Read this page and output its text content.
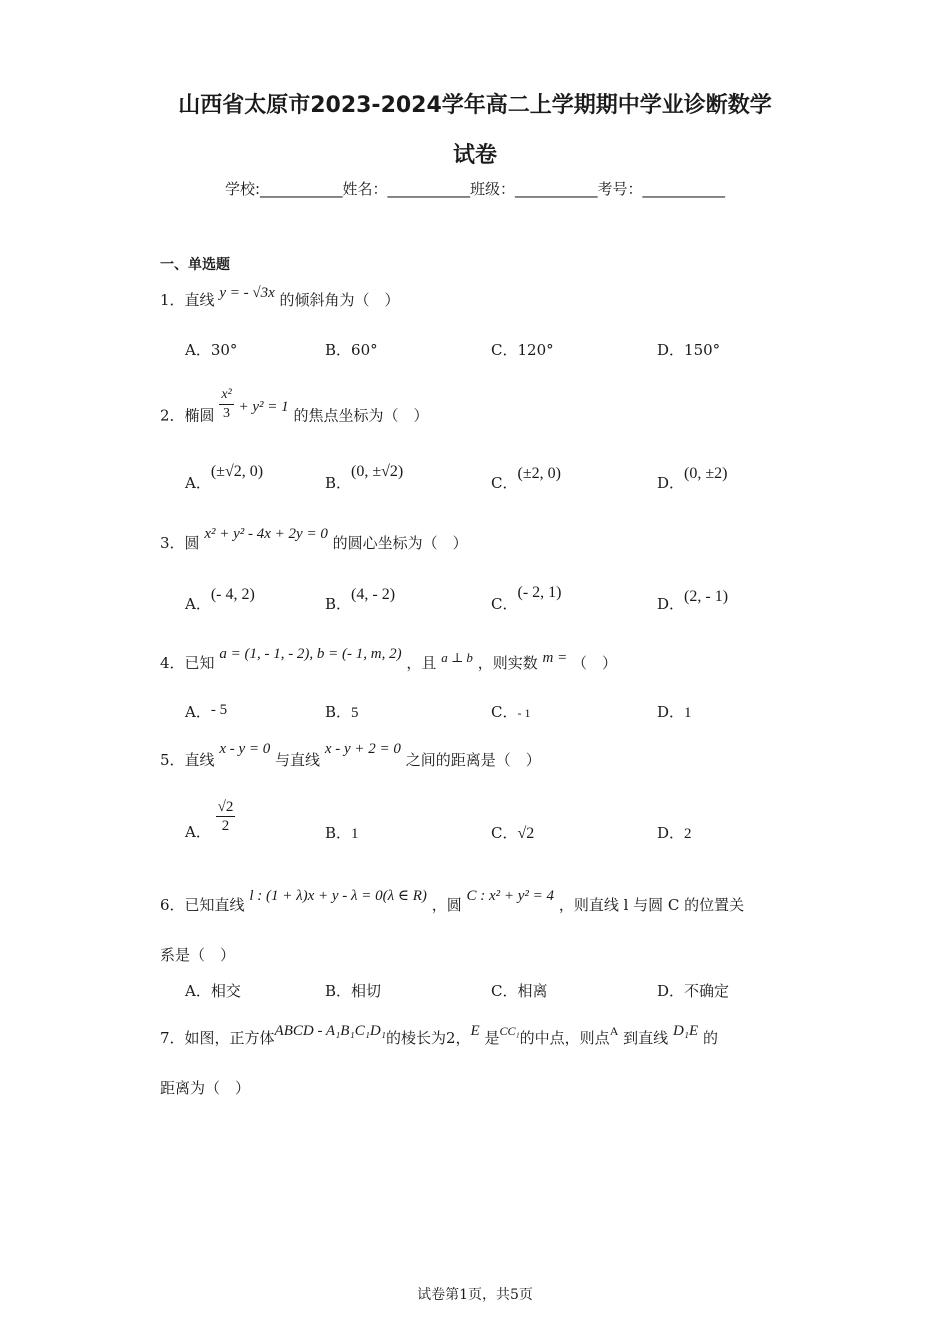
山西省太原市2023-2024学年高二上学期期中学业诊断数学
试卷
学校:___________姓名：___________班级：___________考号：___________
一、单选题
1．直线 y = - √3x 的倾斜角为（　）
A．30°	B．60°	C．120°	D．150°
2．椭圆 $\frac{\text{x²}}{3} + y^2 = 1$ 的焦点坐标为（　）
A．(±√2, 0)
B．(0, ±√2)
C．(±2, 0)
D．(0, ±2)
3．圆 x² + y² - 4x + 2y = 0 的圆心坐标为（　）
A．(- 4, 2)
B．(4, - 2)
C．(- 2, 1)
D．(2, - 1)
4．已知 a = (1, - 1, - 2), b = (- 1, m, 2) ，且 a ⊥ b ，则实数 m = （　）
A．- 5	B．5	C．- 1	D．1
5．直线 x - y = 0 与直线 x - y + 2 = 0 之间的距离是（　）
A． $\frac{√2}{2}$	B．1	C．√2	D．2
6．已知直线 l : (1 + λ)x + y - λ = 0(λ ∈ R) ，圆 C : x² + y² = 4 ，则直线 l 与圆 C 的位置关
系是（　）
A．相交	B．相切	C．相离	D．不确定
7．如图，正方体ABCD - A₁B₁C₁D₁的棱长为2，E 是$^{CC_1}$的中点，则点$^A$ 到直线 D₁E 的
距离为（　）
试卷第1页，共5页
